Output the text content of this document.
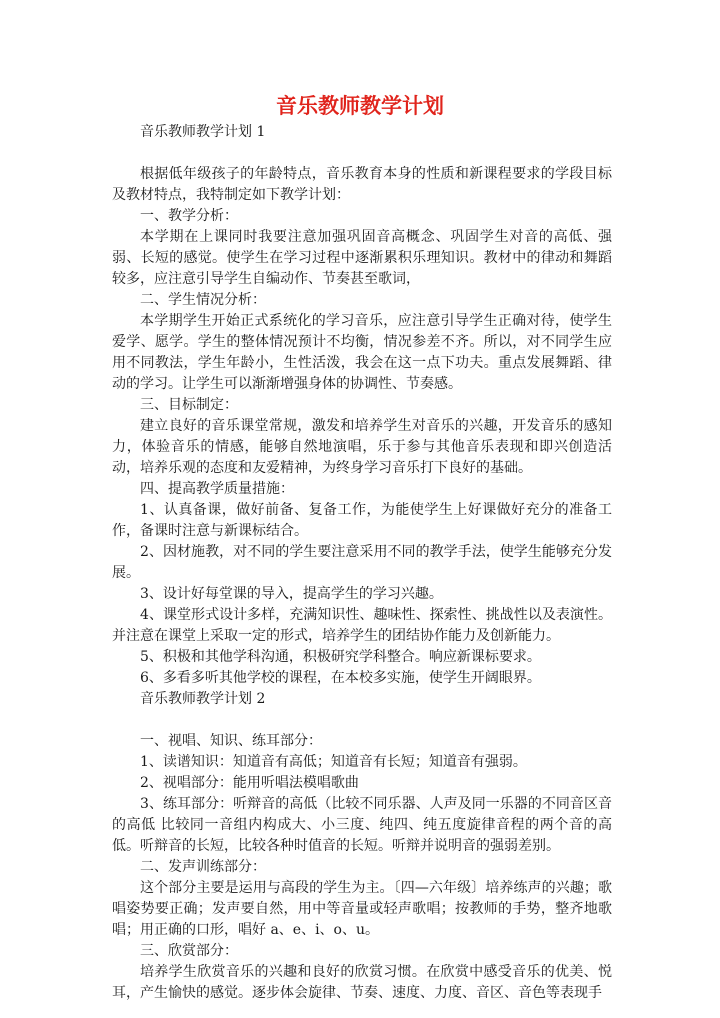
音乐教师教学计划

音乐教师教学计划 1

根据低年级孩子的年龄特点，音乐教育本身的性质和新课程要求的学段目标及教材特点，我特制定如下教学计划：

一、教学分析：

本学期在上课同时我要注意加强巩固音高概念、巩固学生对音的高低、强弱、长短的感觉。使学生在学习过程中逐渐累积乐理知识。教材中的律动和舞蹈较多，应注意引导学生自编动作、节奏甚至歌词，

二、学生情况分析：

本学期学生开始正式系统化的学习音乐，应注意引导学生正确对待，使学生爱学、愿学。学生的整体情况预计不均衡，情况参差不齐。所以，对不同学生应用不同教法，学生年龄小，生性活泼，我会在这一点下功夫。重点发展舞蹈、律动的学习。让学生可以渐渐增强身体的协调性、节奏感。

三、目标制定：

建立良好的音乐课堂常规，激发和培养学生对音乐的兴趣，开发音乐的感知力，体验音乐的情感，能够自然地演唱，乐于参与其他音乐表现和即兴创造活动，培养乐观的态度和友爱精神，为终身学习音乐打下良好的基础。

四、提高教学质量措施：

1、认真备课，做好前备、复备工作，为能使学生上好课做好充分的准备工作，备课时注意与新课标结合。

2、因材施教，对不同的学生要注意采用不同的教学手法，使学生能够充分发展。

3、设计好每堂课的导入，提高学生的学习兴趣。

4、课堂形式设计多样，充满知识性、趣味性、探索性、挑战性以及表演性。并注意在课堂上采取一定的形式，培养学生的团结协作能力及创新能力。

5、积极和其他学科沟通，积极研究学科整合。响应新课标要求。

6、多看多听其他学校的课程，在本校多实施，使学生开阔眼界。

音乐教师教学计划 2

一、视唱、知识、练耳部分：

1、读谱知识：知道音有高低；知道音有长短；知道音有强弱。

2、视唱部分：能用听唱法模唱歌曲

3、练耳部分：听辩音的高低（比较不同乐器、人声及同一乐器的不同音区音的高低 比较同一音组内构成大、小三度、纯四、纯五度旋律音程的两个音的高低。听辩音的长短，比较各种时值音的长短。听辩并说明音的强弱差别。

二、发声训练部分：

这个部分主要是运用与高段的学生为主。〔四—六年级〕培养练声的兴趣；歌唱姿势要正确；发声要自然，用中等音量或轻声歌唱；按教师的手势，整齐地歌唱；用正确的口形，唱好 a、e、i、o、u。

三、欣赏部分：

培养学生欣赏音乐的兴趣和良好的欣赏习惯。在欣赏中感受音乐的优美、悦耳，产生愉快的感觉。逐步体会旋律、节奏、速度、力度、音区、音色等表现手
